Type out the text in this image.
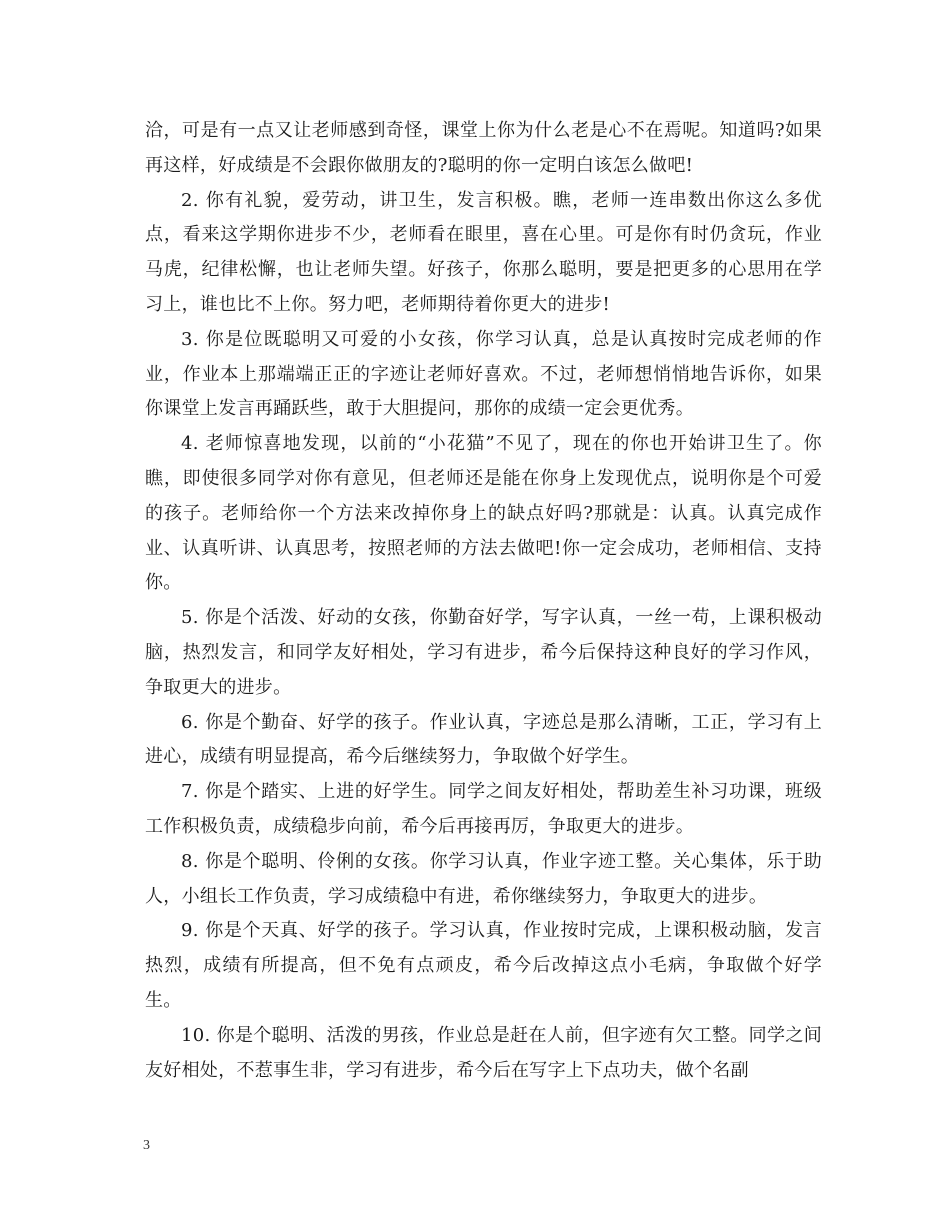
洽，可是有一点又让老师感到奇怪，课堂上你为什么老是心不在焉呢。知道吗?如果再这样，好成绩是不会跟你做朋友的?聪明的你一定明白该怎么做吧!

2. 你有礼貌，爱劳动，讲卫生，发言积极。瞧，老师一连串数出你这么多优点，看来这学期你进步不少，老师看在眼里，喜在心里。可是你有时仍贪玩，作业马虎，纪律松懈，也让老师失望。好孩子，你那么聪明，要是把更多的心思用在学习上，谁也比不上你。努力吧，老师期待着你更大的进步!

3. 你是位既聪明又可爱的小女孩，你学习认真，总是认真按时完成老师的作业，作业本上那端端正正的字迹让老师好喜欢。不过，老师想悄悄地告诉你，如果你课堂上发言再踊跃些，敢于大胆提问，那你的成绩一定会更优秀。

4. 老师惊喜地发现，以前的“小花猫”不见了，现在的你也开始讲卫生了。你瞧，即使很多同学对你有意见，但老师还是能在你身上发现优点，说明你是个可爱的孩子。老师给你一个方法来改掉你身上的缺点好吗?那就是：认真。认真完成作业、认真听讲、认真思考，按照老师的方法去做吧!你一定会成功，老师相信、支持你。

5. 你是个活泼、好动的女孩，你勤奋好学，写字认真，一丝一苟，上课积极动脑，热烈发言，和同学友好相处，学习有进步，希今后保持这种良好的学习作风，争取更大的进步。

6. 你是个勤奋、好学的孩子。作业认真，字迹总是那么清晰，工正，学习有上进心，成绩有明显提高，希今后继续努力，争取做个好学生。

7. 你是个踏实、上进的好学生。同学之间友好相处，帮助差生补习功课，班级工作积极负责，成绩稳步向前，希今后再接再厉，争取更大的进步。

8. 你是个聪明、伶俐的女孩。你学习认真，作业字迹工整。关心集体，乐于助人，小组长工作负责，学习成绩稳中有进，希你继续努力，争取更大的进步。

9. 你是个天真、好学的孩子。学习认真，作业按时完成，上课积极动脑，发言热烈，成绩有所提高，但不免有点顽皮，希今后改掉这点小毛病，争取做个好学生。

10. 你是个聪明、活泼的男孩，作业总是赶在人前，但字迹有欠工整。同学之间友好相处，不惹事生非，学习有进步，希今后在写字上下点功夫，做个名副

3
